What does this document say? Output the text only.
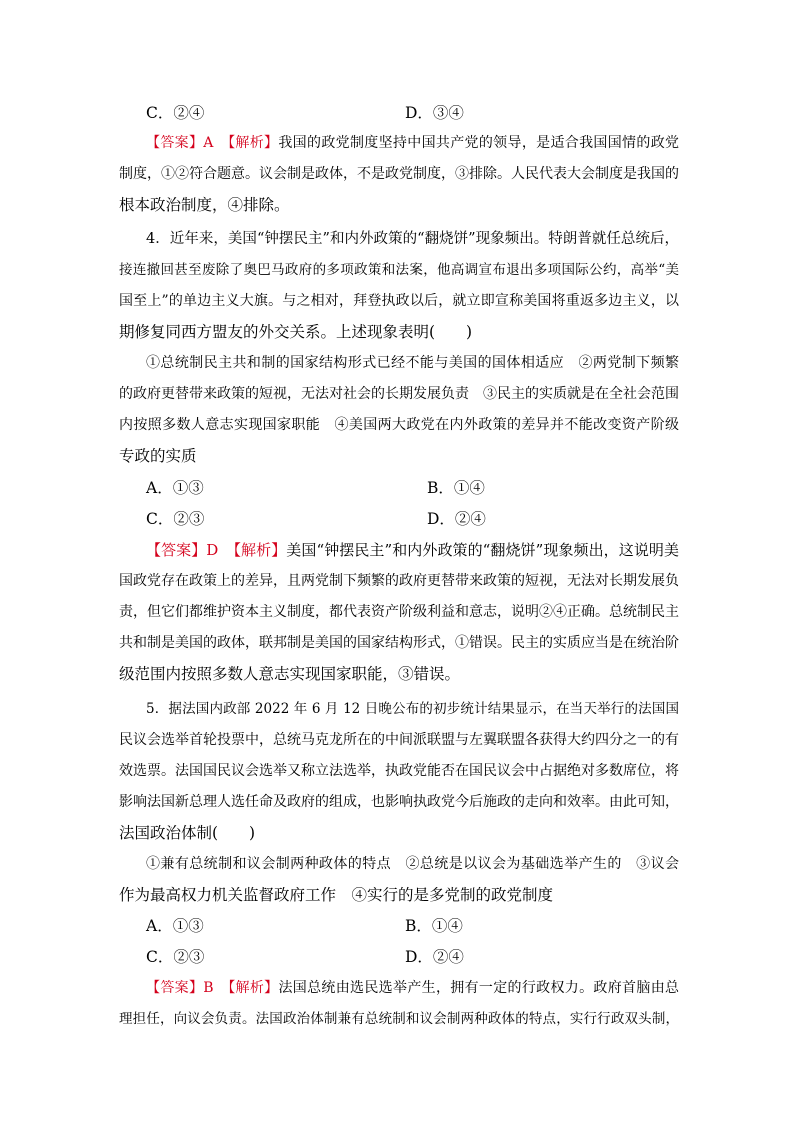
C．②④	D．③④
【答案】A　 【解析】我国的政党制度坚持中国共产党的领导，是适合我国国情的政党
制度，①②符合题意。议会制是政体，不是政党制度，③排除。人民代表大会制度是我国的
根本政治制度，④排除。
4．近年来，美国“钟摆民主”和内外政策的“翻烧饼”现象频出。特朗普就任总统后，
接连撤回甚至废除了奥巴马政府的多项政策和法案，他高调宣布退出多项国际公约，高举“美
国至上”的单边主义大旗。与之相对，拜登执政以后，就立即宣称美国将重返多边主义，以
期修复同西方盟友的外交关系。上述现象表明(　　)
①总统制民主共和制的国家结构形式已经不能与美国的国体相适应　②两党制下频繁
的政府更替带来政策的短视，无法对社会的长期发展负责　③民主的实质就是在全社会范围
内按照多数人意志实现国家职能　④美国两大政党在内外政策的差异并不能改变资产阶级
专政的实质
A．①③	B．①④
C．②③	D．②④
【答案】D　 【解析】美国“钟摆民主”和内外政策的“翻烧饼”现象频出，这说明美
国政党存在政策上的差异，且两党制下频繁的政府更替带来政策的短视，无法对长期发展负
责，但它们都维护资本主义制度，都代表资产阶级利益和意志，说明②④正确。总统制民主
共和制是美国的政体，联邦制是美国的国家结构形式，①错误。民主的实质应当是在统治阶
级范围内按照多数人意志实现国家职能，③错误。
5．据法国内政部 2022 年 6 月 12 日晚公布的初步统计结果显示，在当天举行的法国国
民议会选举首轮投票中，总统马克龙所在的中间派联盟与左翼联盟各获得大约四分之一的有
效选票。法国国民议会选举又称立法选举，执政党能否在国民议会中占据绝对多数席位，将
影响法国新总理人选任命及政府的组成，也影响执政党今后施政的走向和效率。由此可知，
法国政治体制(　　)
①兼有总统制和议会制两种政体的特点　②总统是以议会为基础选举产生的　③议会
作为最高权力机关监督政府工作　④实行的是多党制的政党制度
A．①③	B．①④
C．②③	D．②④
【答案】B　 【解析】法国总统由选民选举产生，拥有一定的行政权力。政府首脑由总
理担任，向议会负责。法国政治体制兼有总统制和议会制两种政体的特点，实行行政双头制，
